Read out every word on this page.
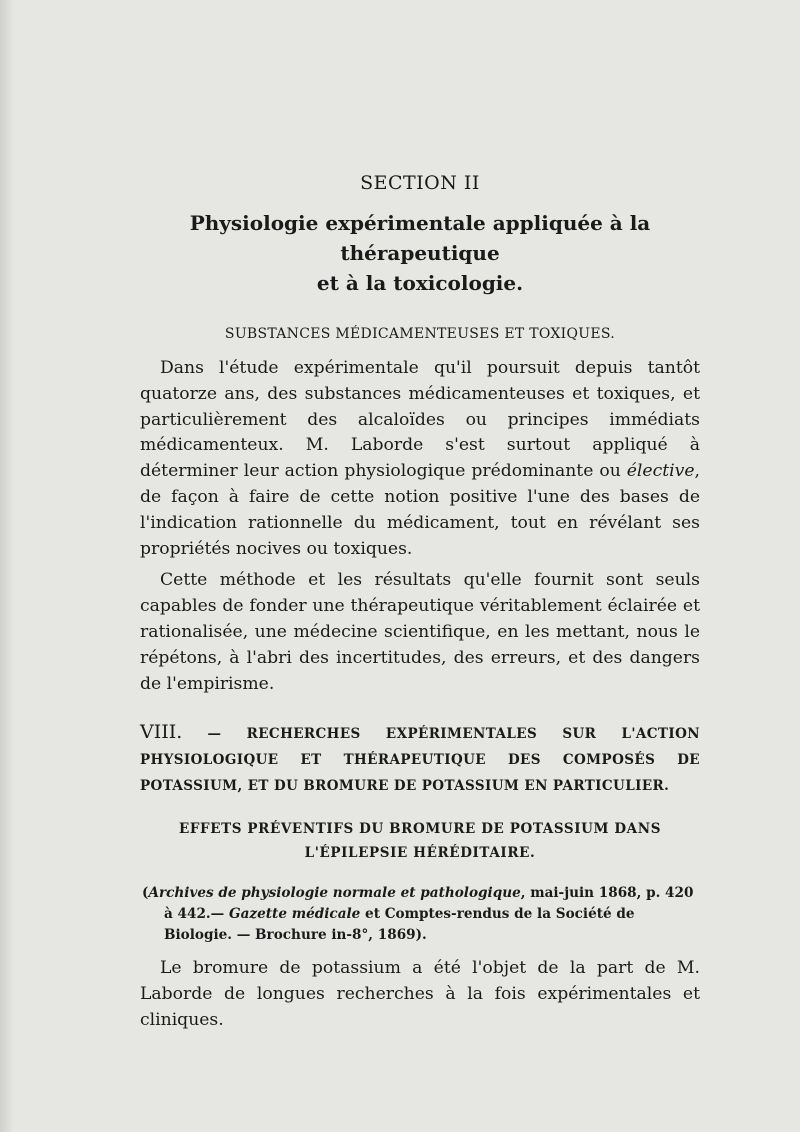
SECTION II
Physiologie expérimentale appliquée à la thérapeutique
et à la toxicologie.

SUBSTANCES MÉDICAMENTEUSES ET TOXIQUES.

Dans l'étude expérimentale qu'il poursuit depuis tantôt quatorze ans, des substances médicamenteuses et toxiques, et particulièrement des alcaloïdes ou principes immédiats médicamenteux. M. Laborde s'est surtout appliqué à déterminer leur action physiologique prédominante ou élective, de façon à faire de cette notion positive l'une des bases de l'indication rationnelle du médicament, tout en révélant ses propriétés nocives ou toxiques.

Cette méthode et les résultats qu'elle fournit sont seuls capables de fonder une thérapeutique véritablement éclairée et rationalisée, une médecine scientifique, en les mettant, nous le répétons, à l'abri des incertitudes, des erreurs, et des dangers de l'empirisme.

VIII. — RECHERCHES EXPÉRIMENTALES SUR L'ACTION PHYSIOLOGIQUE ET THÉRAPEUTIQUE DES COMPOSÉS DE POTASSIUM, ET DU BROMURE DE POTASSIUM EN PARTICULIER.

EFFETS PRÉVENTIFS DU BROMURE DE POTASSIUM DANS L'ÉPILEPSIE HÉRÉDITAIRE.

(Archives de physiologie normale et pathologique, mai-juin 1868, p. 420 à 442.— Gazette médicale et Comptes-rendus de la Société de Biologie. — Brochure in-8°, 1869).

Le bromure de potassium a été l'objet de la part de M. Laborde de longues recherches à la fois expérimentales et cliniques.
